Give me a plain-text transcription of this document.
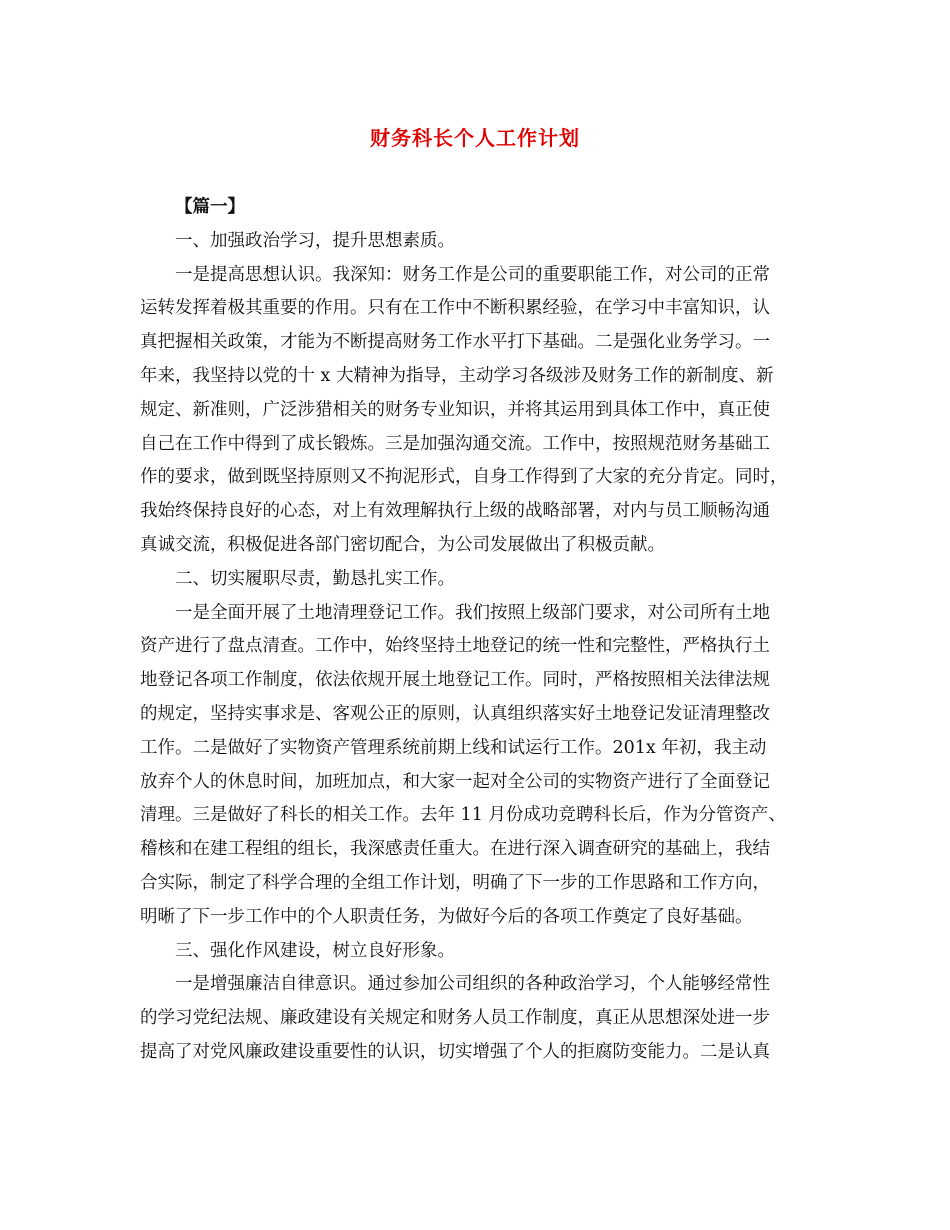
财务科长个人工作计划
【篇一】
一、加强政治学习，提升思想素质。
一是提高思想认识。我深知：财务工作是公司的重要职能工作，对公司的正常
运转发挥着极其重要的作用。只有在工作中不断积累经验，在学习中丰富知识，认
真把握相关政策，才能为不断提高财务工作水平打下基础。二是强化业务学习。一
年来，我坚持以党的十 x 大精神为指导，主动学习各级涉及财务工作的新制度、新
规定、新准则，广泛涉猎相关的财务专业知识，并将其运用到具体工作中，真正使
自己在工作中得到了成长锻炼。三是加强沟通交流。工作中，按照规范财务基础工
作的要求，做到既坚持原则又不拘泥形式，自身工作得到了大家的充分肯定。同时，
我始终保持良好的心态，对上有效理解执行上级的战略部署，对内与员工顺畅沟通
真诚交流，积极促进各部门密切配合，为公司发展做出了积极贡献。
二、切实履职尽责，勤恳扎实工作。
一是全面开展了土地清理登记工作。我们按照上级部门要求，对公司所有土地
资产进行了盘点清查。工作中，始终坚持土地登记的统一性和完整性，严格执行土
地登记各项工作制度，依法依规开展土地登记工作。同时，严格按照相关法律法规
的规定，坚持实事求是、客观公正的原则，认真组织落实好土地登记发证清理整改
工作。二是做好了实物资产管理系统前期上线和试运行工作。201x 年初，我主动
放弃个人的休息时间，加班加点，和大家一起对全公司的实物资产进行了全面登记
清理。三是做好了科长的相关工作。去年 11 月份成功竞聘科长后，作为分管资产、
稽核和在建工程组的组长，我深感责任重大。在进行深入调查研究的基础上，我结
合实际，制定了科学合理的全组工作计划，明确了下一步的工作思路和工作方向，
明晰了下一步工作中的个人职责任务，为做好今后的各项工作奠定了良好基础。
三、强化作风建设，树立良好形象。
一是增强廉洁自律意识。通过参加公司组织的各种政治学习，个人能够经常性
的学习党纪法规、廉政建设有关规定和财务人员工作制度，真正从思想深处进一步
提高了对党风廉政建设重要性的认识，切实增强了个人的拒腐防变能力。二是认真
